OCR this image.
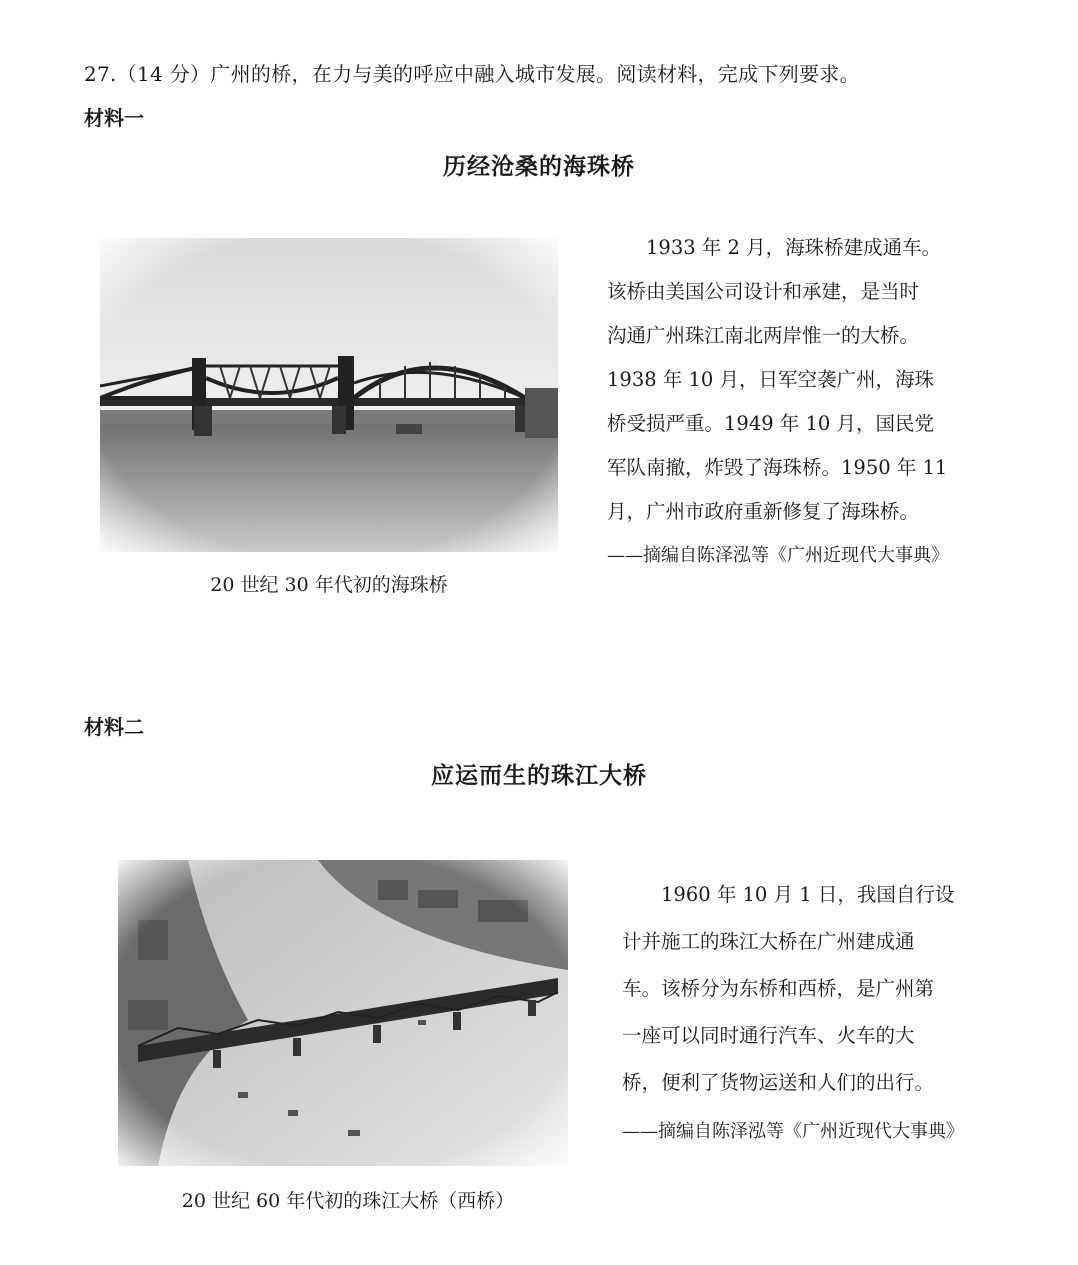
27.（14 分）广州的桥，在力与美的呼应中融入城市发展。阅读材料，完成下列要求。
材料一
历经沧桑的海珠桥
20 世纪 30 年代初的海珠桥

1933 年 2 月，海珠桥建成通车。

该桥由美国公司设计和承建，是当时

沟通广州珠江南北两岸惟一的大桥。

1938 年 10 月，日军空袭广州，海珠

桥受损严重。1949 年 10 月，国民党

军队南撤，炸毁了海珠桥。1950 年 11

月，广州市政府重新修复了海珠桥。

——摘编自陈泽泓等《广州近现代大事典》
材料二
应运而生的珠江大桥
20 世纪 60 年代初的珠江大桥（西桥）

1960 年 10 月 1 日，我国自行设

计并施工的珠江大桥在广州建成通

车。该桥分为东桥和西桥，是广州第

一座可以同时通行汽车、火车的大

桥，便利了货物运送和人们的出行。

——摘编自陈泽泓等《广州近现代大事典》
